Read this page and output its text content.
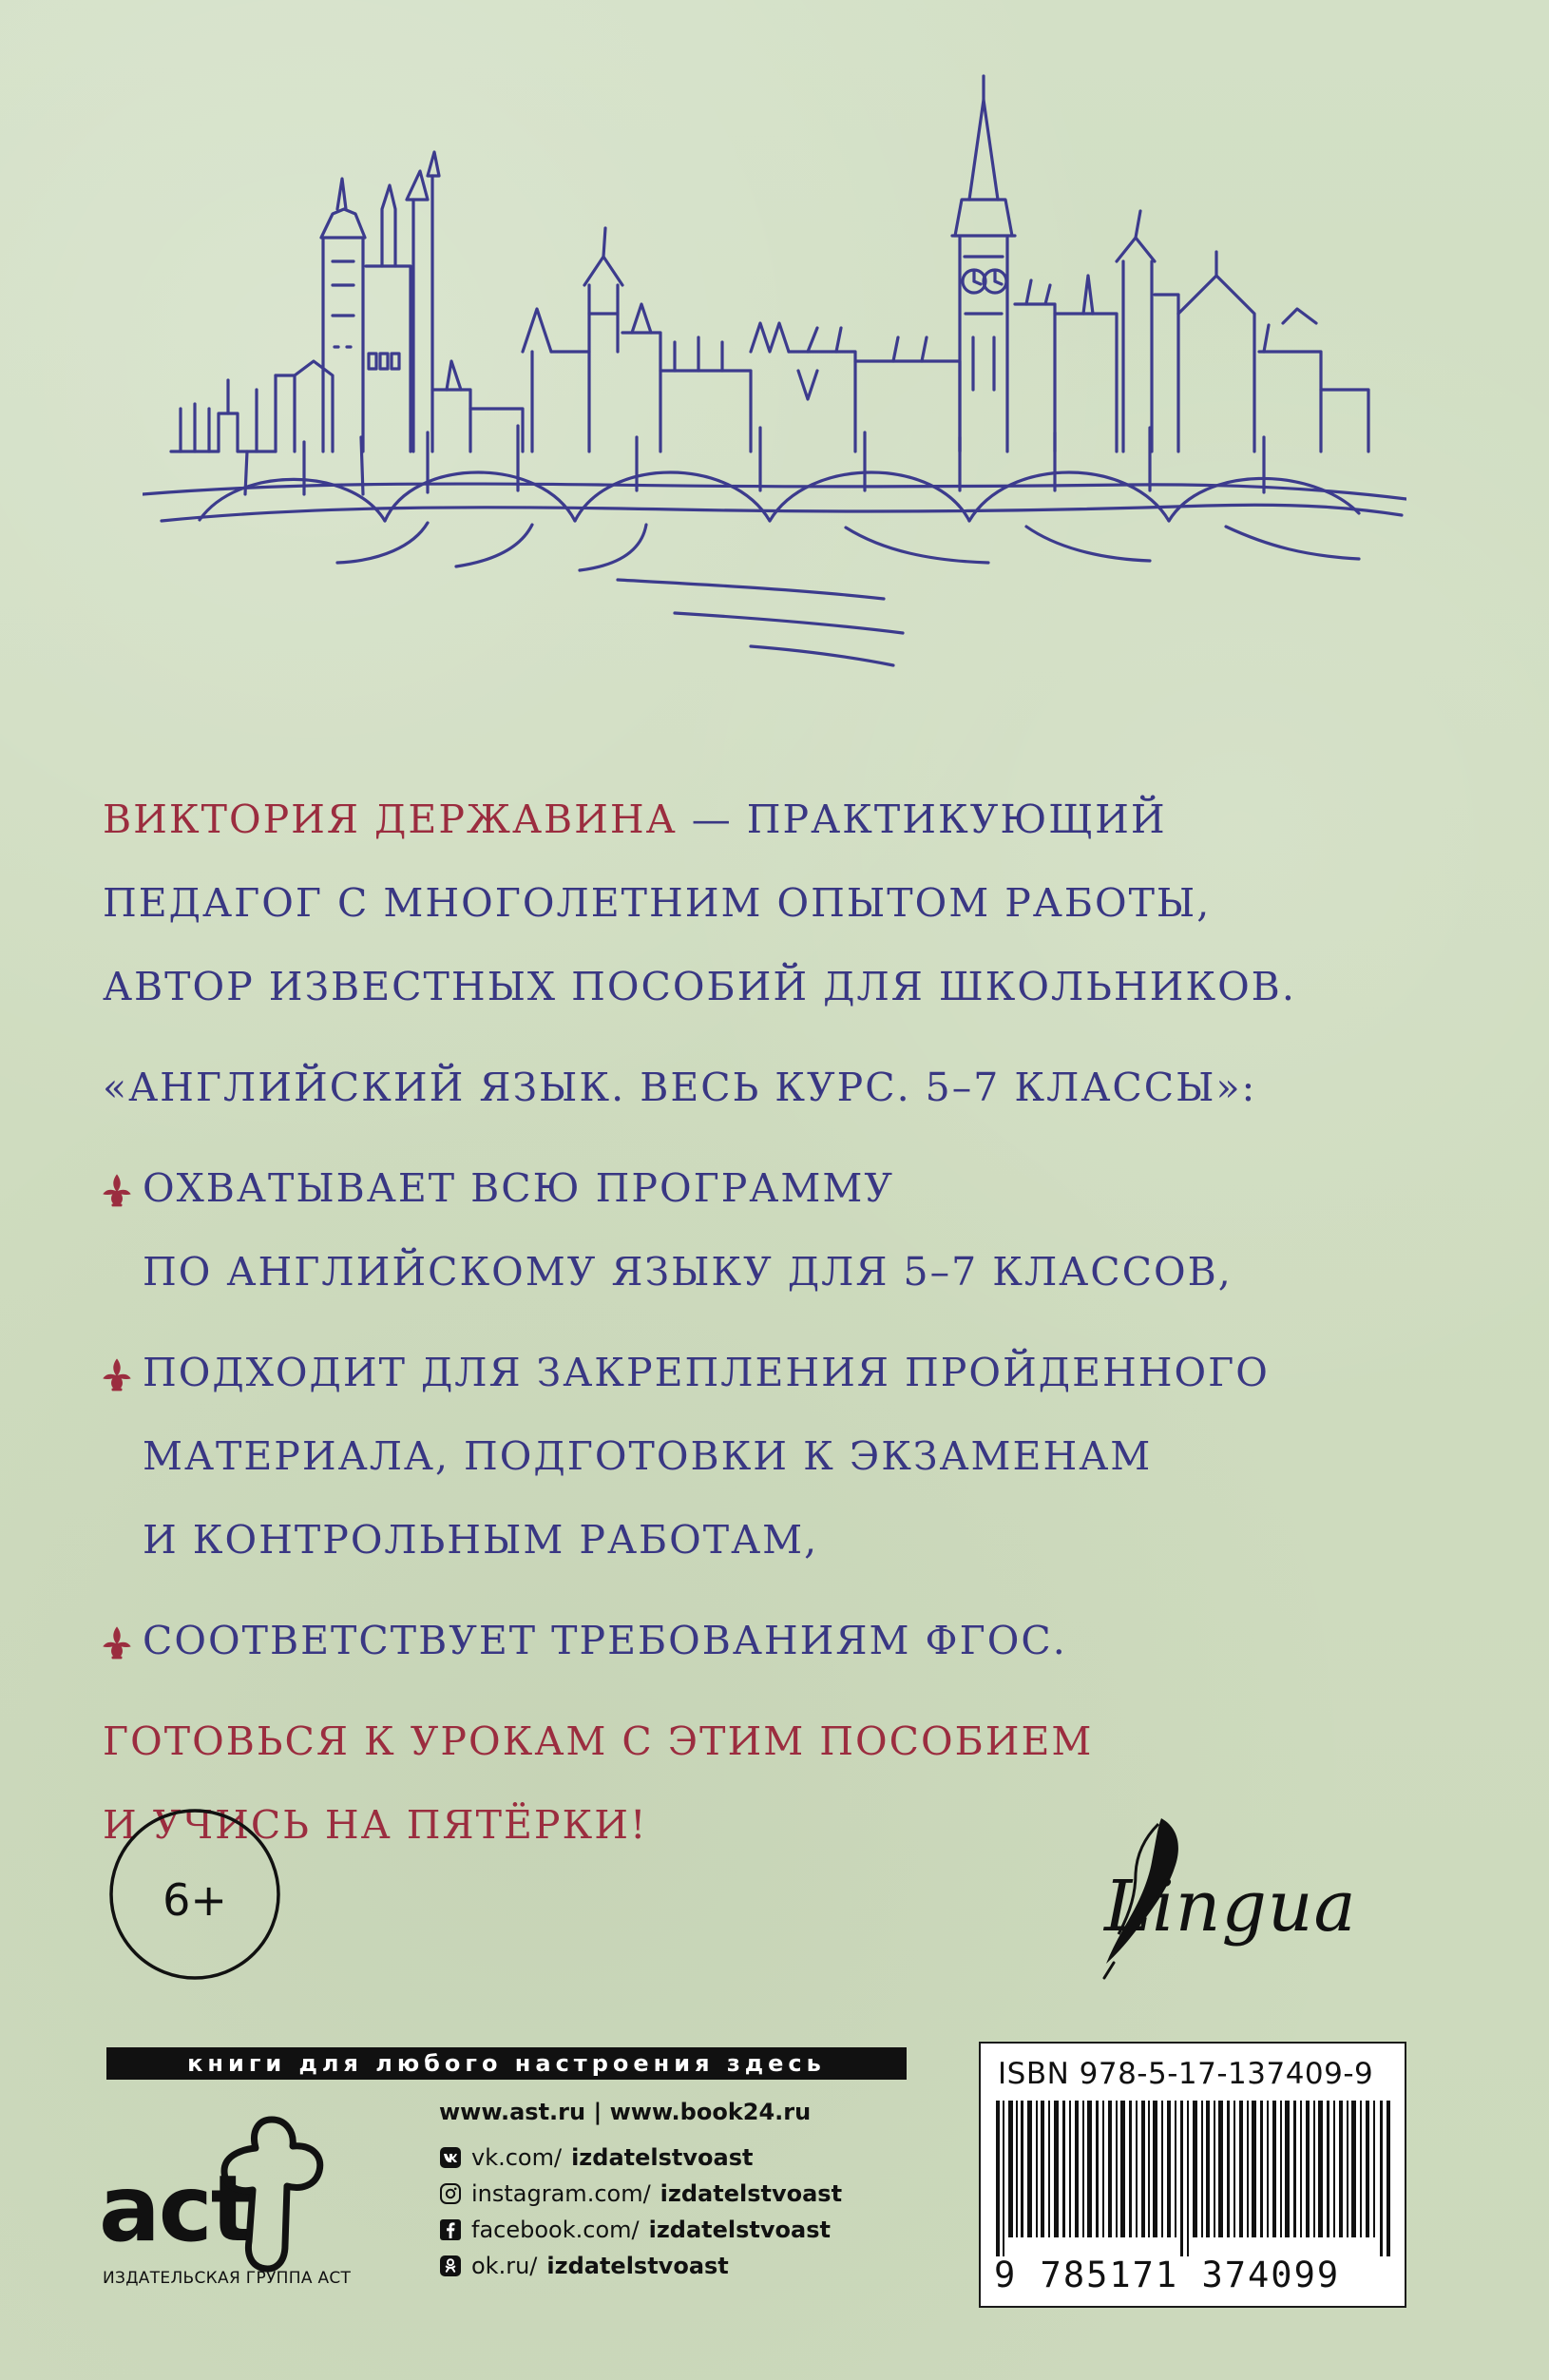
ВИКТОРИЯ ДЕРЖАВИНА — ПРАКТИКУЮЩИЙ
ПЕДАГОГ С МНОГОЛЕТНИМ ОПЫТОМ РАБОТЫ,
АВТОР ИЗВЕСТНЫХ ПОСОБИЙ ДЛЯ ШКОЛЬНИКОВ.
«АНГЛИЙСКИЙ ЯЗЫК. ВЕСЬ КУРС. 5–7 КЛАССЫ»:
ОХВАТЫВАЕТ ВСЮ ПРОГРАММУ
ПО АНГЛИЙСКОМУ ЯЗЫКУ ДЛЯ 5–7 КЛАССОВ,
ПОДХОДИТ ДЛЯ ЗАКРЕПЛЕНИЯ ПРОЙДЕННОГО
МАТЕРИАЛА, ПОДГОТОВКИ К ЭКЗАМЕНАМ
И КОНТРОЛЬНЫМ РАБОТАМ,
СООТВЕТСТВУЕТ ТРЕБОВАНИЯМ ФГОС.
ГОТОВЬСЯ К УРОКАМ С ЭТИМ ПОСОБИЕМ
И УЧИСЬ НА ПЯТЁРКИ!
6+	Lingua
книги для любого настроения здесь
act
ИЗДАТЕЛЬСКАЯ ГРУППА АСТ
www.ast.ru | www.book24.ru
vk.com/ izdatelstvoast
instagram.com/ izdatelstvoast
facebook.com/ izdatelstvoast
ok.ru/ izdatelstvoast
ISBN 978-5-17-137409-9
9 785171 374099
